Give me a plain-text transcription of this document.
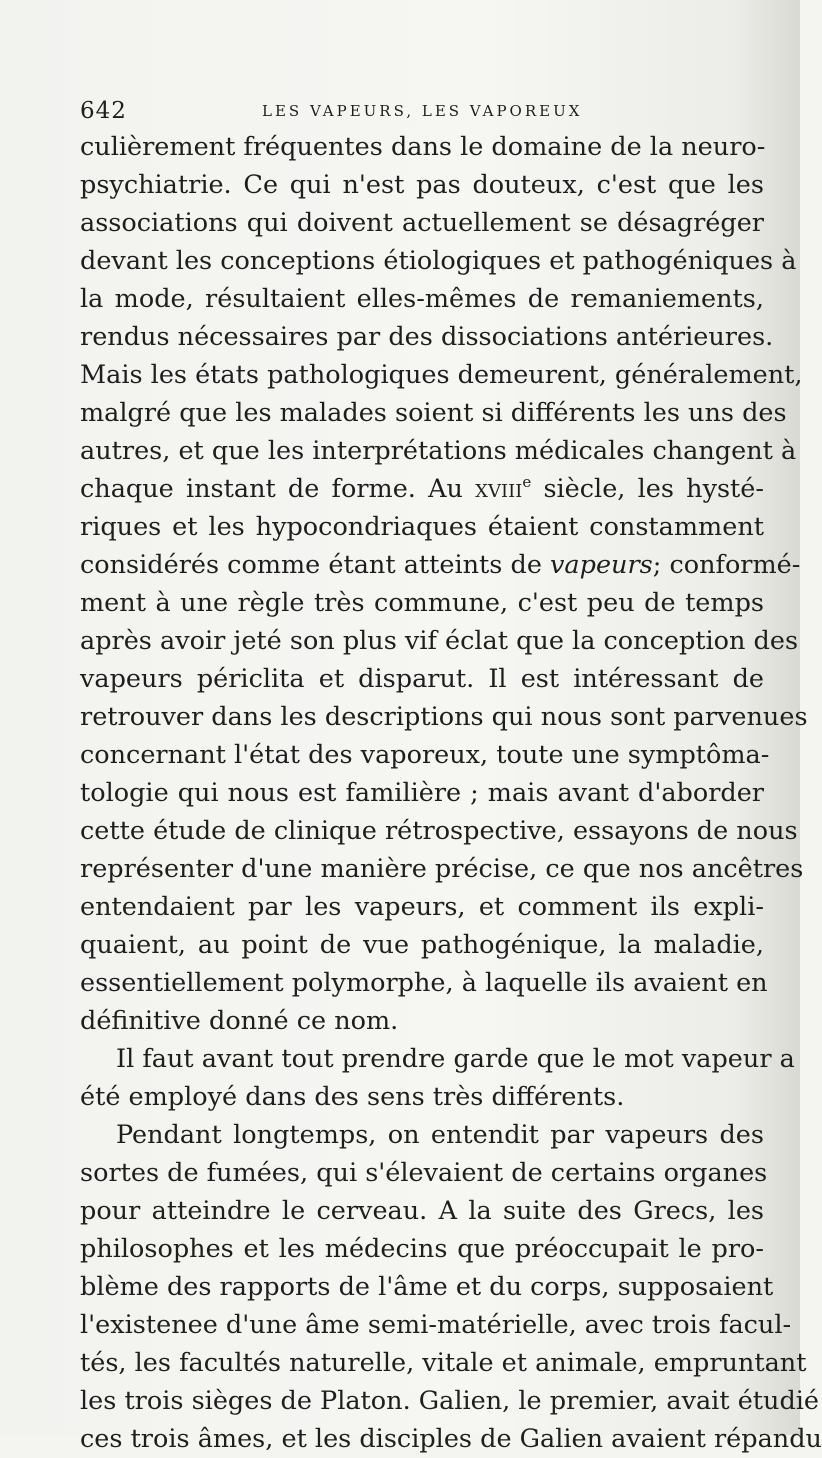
642	LES VAPEURS, LES VAPOREUX
culièrement fréquentes dans le domaine de la neuro-
psychiatrie. Ce qui n'est pas douteux, c'est que les
associations qui doivent actuellement se désagréger
devant les conceptions étiologiques et pathogéniques à
la mode, résultaient elles-mêmes de remaniements,
rendus nécessaires par des dissociations antérieures.
Mais les états pathologiques demeurent, généralement,
malgré que les malades soient si différents les uns des
autres, et que les interprétations médicales changent à
chaque instant de forme. Au xviii$^e$ siècle, les hysté-
riques et les hypocondriaques étaient constamment
considérés comme étant atteints de vapeurs; conformé-
ment à une règle très commune, c'est peu de temps
après avoir jeté son plus vif éclat que la conception des
vapeurs périclita et disparut. Il est intéressant de
retrouver dans les descriptions qui nous sont parvenues
concernant l'état des vaporeux, toute une symptôma-
tologie qui nous est familière ; mais avant d'aborder
cette étude de clinique rétrospective, essayons de nous
représenter d'une manière précise, ce que nos ancêtres
entendaient par les vapeurs, et comment ils expli-
quaient, au point de vue pathogénique, la maladie,
essentiellement polymorphe, à laquelle ils avaient en
définitive donné ce nom.
Il faut avant tout prendre garde que le mot vapeur a
été employé dans des sens très différents.
Pendant longtemps, on entendit par vapeurs des
sortes de fumées, qui s'élevaient de certains organes
pour atteindre le cerveau. A la suite des Grecs, les
philosophes et les médecins que préoccupait le pro-
blème des rapports de l'âme et du corps, supposaient
l'existenee d'une âme semi-matérielle, avec trois facul-
tés, les facultés naturelle, vitale et animale, empruntant
les trois sièges de Platon. Galien, le premier, avait étudié
ces trois âmes, et les disciples de Galien avaient répandu
